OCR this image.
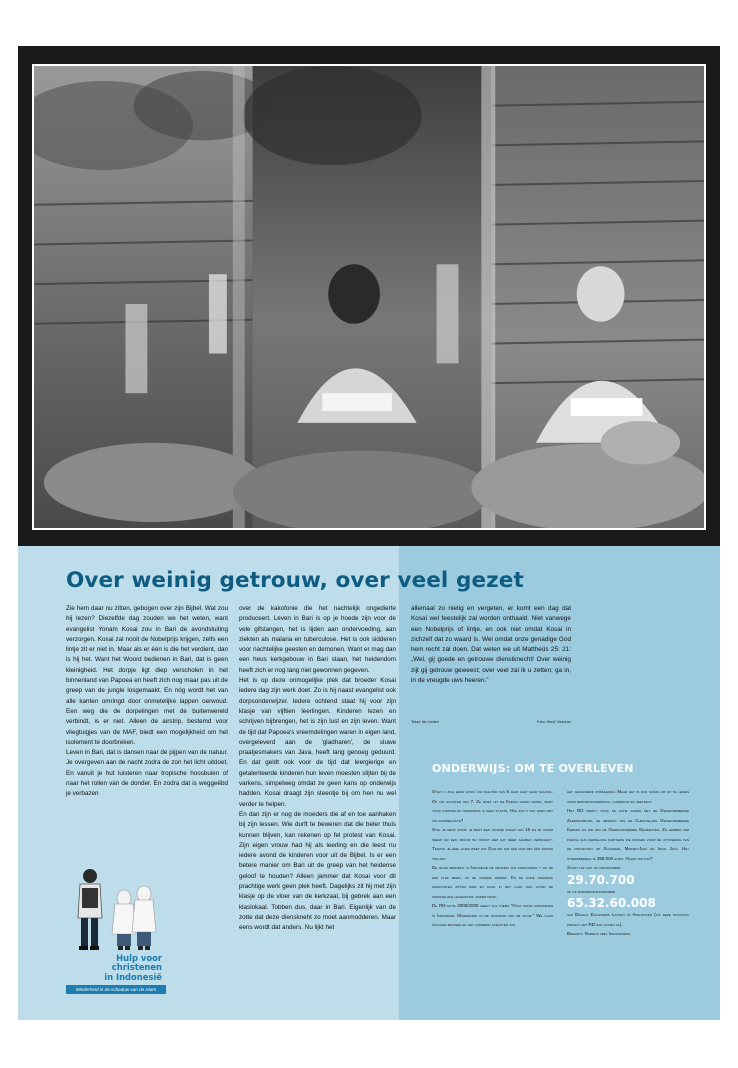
Over weinig getrouw, over veel gezet

Zie hem daar nu zitten, gebogen over zijn Bijbel. Wat zou hij lezen? Diezelfde dag zouden we het weten, want evangelist Yonam Kosai zou in Bari de avondsluiting verzorgen. Kosai zal nooit de Nobelprijs krijgen, zelfs een lintje zit er niet in. Maar als er één is die het verdient, dan is hij het. Want het Woord bedienen in Bari, dat is geen kleinigheid. Het dorpje ligt diep verscholen in het binnenland van Papoea en heeft zich nog maar pas uit de greep van de jungle losgemaakt. En nóg wordt het van alle kanten omringd door onmetelijke lappen oerwoud. Een weg die de dorpelingen met de buitenwereld verbindt, is er niet. Alleen de airstrip, bestemd voor vliegtuigjes van de MAF, biedt een mogelijkheid om het isolement te doorbreken.

Leven in Bari, dat is dansen naar de pijpen van de natuur. Je overgeven aan de nacht zodra de zon het licht uitdoet. En vanuit je hut luisteren naar tropische hoosbuien of naar het rollen van de donder. En zodra dat is weggeëbd je verbazen

over de kakofonie die het nachtelijk ongedierte produceert. Leven in Bari is op je hoede zijn voor de vele gifslangen, het is lijden aan ondervoeding, aan ziekten als malaria en tuberculose. Het is ook sidderen voor nachtelijke geesten en demonen. Want er mag dan een heus kerkgebouw in Bari staan, het heidendom heeft zich er nog lang niet gewonnen gegeven.

Het is op deze onmogelijke plek dat broeder Kosai iedere dag zijn werk doet. Zo is hij naast evangelist ook dorpsonderwijzer. Iedere ochtend staat hij voor zijn klasje van vijftien leerlingen. Kinderen lezen en schrijven bijbrengen, het is zijn lust en zijn leven. Want de tijd dat Papoea's vreemdelingen waren in eigen land, overgeleverd aan de 'gladharen', de sluwe praatjesmakers van Java, heeft lang genoeg geduurd. En dat geldt ook voor de tijd dat leergierige en getalenteerde kinderen hun leven moesten slijten bij de varkens, simpelweg omdat ze geen kans op onderwijs hadden. Kosai draagt zijn steentje bij om hen nu wel verder te helpen.

En dan zijn er nog de moeders die af en toe aanhaken bij zijn lessen. Wie durft te beweren dat die beter thuis kunnen blijven, kan rekenen op fel protest van Kosai. Zijn eigen vrouw had hij als leerling en die leest nu iedere avond de kinderen voor uit de Bijbel. Is er een betere manier om Bari uit de greep van het heidense geloof te houden? Alleen jammer dat Kosai voor dit prachtige werk geen plek heeft. Dagelijks zit hij met zijn klasje op de vloer van de kerkzaal, bij gebrek aan een klaslokaal. Tobben dus, daar in Bari. Eigenlijk van de zotte dat deze dienskneht zo moet aanmodderen. Maar eens wordt dat anders. Nu lijkt het

allemaal zo nietig en vergeten, er komt een dag dat Kosai wel feestelijk zal worden onthaald. Niet vanwege een Nobelprijs of lintje, en ook niet omdat Kosai in zichzelf dat zo waard is. Wel omdat onze genadige God hem recht zal doen. Dat weten we uit Mattheüs 25: 21: „Wel, gij goede en getrouwe dienstknecht! Over weinig zijt gij getrouw geweest; over veel zal ik u zetten; ga in, in de vreugde uws heeren.”

Tekst: Ab Lenten	Foto: Henk Visscher
ONDERWIJS: OM TE OVERLEVEN

Stelt u zich eens voor: uw kleuter van 5 jaar gaat naar school. Of uw dochter van 7. Ze moet uit de Koran leren lezen, want voor christelijk onderwijs is geen plaats. Hoe zou u dat doen met uw doopbelofte?

Stel je eens voor: je bent een stoere knaap van 15 en je vader neemt er een vrouw bij omdat hem dat meer aanzien verschaft. Terwijl je heel goed weet dat God wil dat een man met één vrouw trouwt.

De islam bedreigt in Indonesië de vrijheid van christenen – op de ene plek meer, op de andere minder. En de oude heidense gewoonten zitten hier en daar in het land nog altijd de christelijke levensstijl onder druk.

De RD-actie 2005/2006 heeft als thema “Hulp voor christenen in Indonesië. Minderheid in de schaduw van de islam.” We gaan scholen bouwen en het vormend karakter van

het jeugdwerk stimuleren. Maar het is ook nodig om op te leiden voor beroepsonderwijs, landbouw en veeteelt.

Het RD werkt voor de actie samen met de Gereformeerde Zendingsbond, de zending van de Christelijke Gereformeerde Kerken en die van de Gereformeerde Gemeenten. Zij hebben ter plekke hun kerkelijke partners die zorgen voor de uitvoering van de projecten op Sulawesi, Midden-Java en Irian Jaya. Het streefbedrag is 358.000 euro. Halen wij dat?

Stort uw gift op gironummer

29.70.700

of op bankrekeningnummer

65.32.60.008

van Draagt Elkanders Lasten te Apeldoorn (via deze stichting wikkelt het RD zijn acties af).

Bedankt. Namens veel Indonesiërs.

Hulp voor
christenen
in Indonesië
Minderheid in de schaduw van de islam
